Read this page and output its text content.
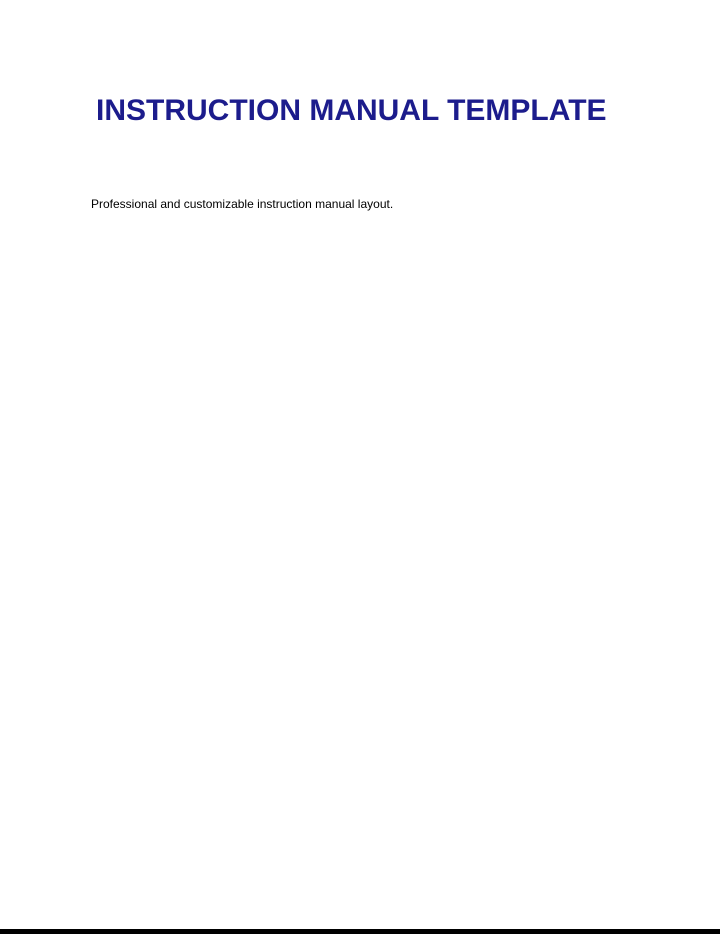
INSTRUCTION MANUAL TEMPLATE

Professional and customizable instruction manual layout.
